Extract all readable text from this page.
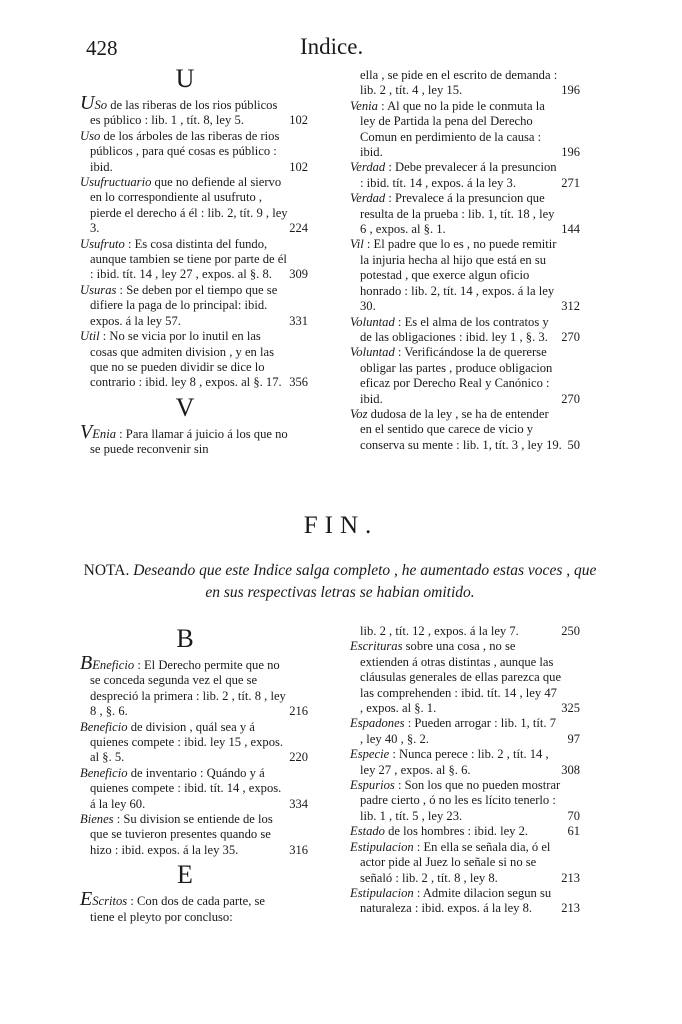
428	Indice.
U
USo de las riberas de los rios públicos es público : lib. 1 , tít. 8, ley 5.	102
Uso de los árboles de las riberas de rios públicos , para qué cosas es público : ibid.	102
Usufructuario que no defiende al siervo en lo correspondiente al usufruto , pierde el derecho á él : lib. 2, tít. 9 , ley 3.	224
Usufruto : Es cosa distinta del fundo, aunque tambien se tiene por parte de él : ibid. tít. 14 , ley 27 , expos. al §. 8. 309
Usuras : Se deben por el tiempo que se difiere la paga de lo principal: ibid. expos. á la ley 57.	331
Util : No se vicia por lo inutil en las cosas que admiten division , y en las que no se pueden dividir se dice lo contrario : ibid. ley 8 , expos. al §. 17. 356
V
VEnia : Para llamar á juicio á los que no se puede reconvenir sin
ella , se pide en el escrito de demanda : lib. 2 , tít. 4 , ley 15.	196
Venia : Al que no la pide le conmuta la ley de Partida la pena del Derecho Comun en perdimiento de la causa : ibid.	196
Verdad : Debe prevalecer á la presuncion : ibid. tít. 14 , expos. á la ley 3.	271
Verdad : Prevalece á la presuncion que resulta de la prueba : lib. 1, tít. 18 , ley 6 , expos. al §. 1.	144
Vil : El padre que lo es , no puede remitir la injuria hecha al hijo que está en su potestad , que exerce algun oficio honrado : lib. 2, tít. 14 , expos. á la ley 30.	312
Voluntad : Es el alma de los contratos y de las obligaciones : ibid. ley 1 , §. 3. 270
Voluntad : Verificándose la de quererse obligar las partes , produce obligacion eficaz por Derecho Real y Canónico : ibid.	270
Voz dudosa de la ley , se ha de entender en el sentido que carece de vicio y conserva su mente : lib. 1, tít. 3 , ley 19. 50
FIN.
NOTA. Deseando que este Indice salga completo , he aumentado estas voces , que en sus respectivas letras se habian omitido.
B
BEneficio : El Derecho permite que no se conceda segunda vez el que se despreció la primera : lib. 2 , tít. 8 , ley 8 , §. 6.	216
Beneficio de division , quál sea y á quienes compete : ibid. ley 15 , expos. al §. 5.	220
Beneficio de inventario : Quándo y á quienes compete : ibid. tít. 14 , expos. á la ley 60.	334
Bienes : Su division se entiende de los que se tuvieron presentes quando se hizo : ibid. expos. á la ley 35.	316
E
EScritos : Con dos de cada parte, se tiene el pleyto por concluso:
lib. 2 , tít. 12 , expos. á la ley 7.	250
Escrituras sobre una cosa , no se extienden á otras distintas , aunque las cláusulas generales de ellas parezca que las comprehenden : ibid. tít. 14 , ley 47 , expos. al §. 1.	325
Espadones : Pueden arrogar : lib. 1, tít. 7 , ley 40 , §. 2.	97
Especie : Nunca perece : lib. 2 , tít. 14 , ley 27 , expos. al §. 6.	308
Espurios : Son los que no pueden mostrar padre cierto , ó no les es lícito tenerlo : lib. 1 , tít. 5 , ley 23.	70
Estado de los hombres : ibid. ley 2.	61
Estipulacion : En ella se señala dia, ó el actor pide al Juez lo señale si no se señaló : lib. 2 , tít. 8 , ley 8.	213
Estipulacion : Admite dilacion segun su naturaleza : ibid. expos. á la ley 8. 213
